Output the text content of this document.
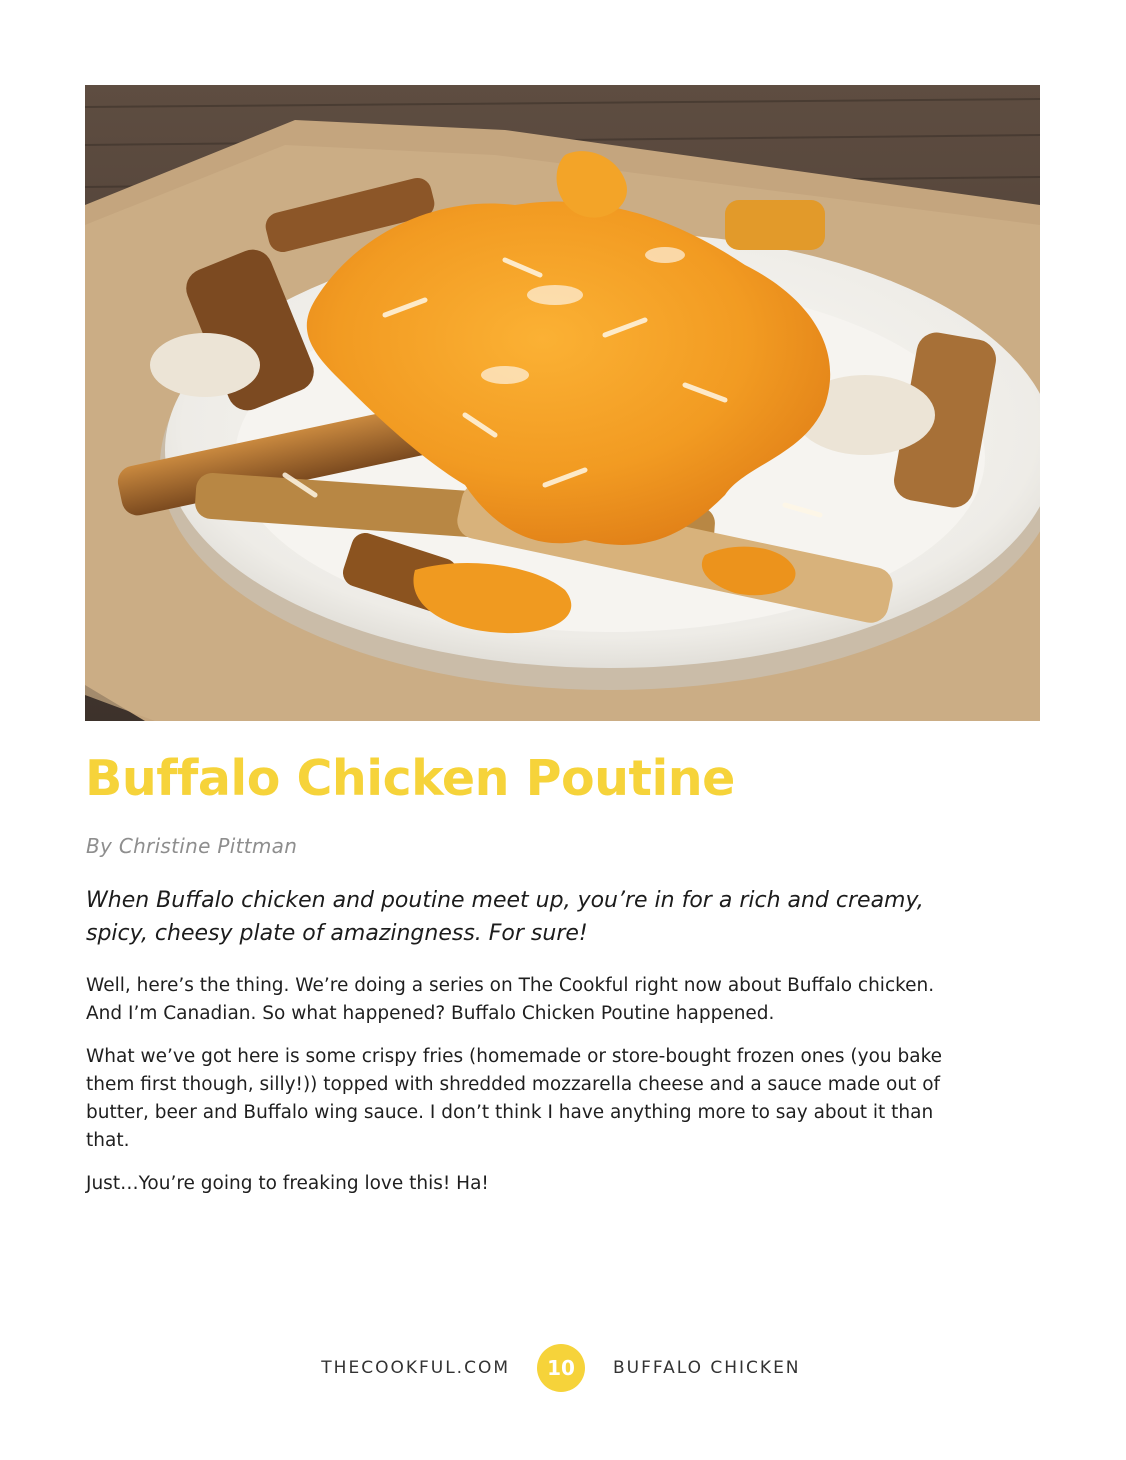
Buffalo Chicken Poutine
By Christine Pittman

When Buffalo chicken and poutine meet up, you’re in for a rich and creamy,
spicy, cheesy plate of amazingness. For sure!

Well, here’s the thing. We’re doing a series on The Cookful right now about Buffalo chicken.
And I’m Canadian. So what happened? Buffalo Chicken Poutine happened.

What we’ve got here is some crispy fries (homemade or store-bought frozen ones (you bake
them first though, silly!)) topped with shredded mozzarella cheese and a sauce made out of
butter, beer and Buffalo wing sauce. I don’t think I have anything more to say about it than
that.

Just…You’re going to freaking love this! Ha!

THECOOKFUL.COM	10	BUFFALO CHICKEN
